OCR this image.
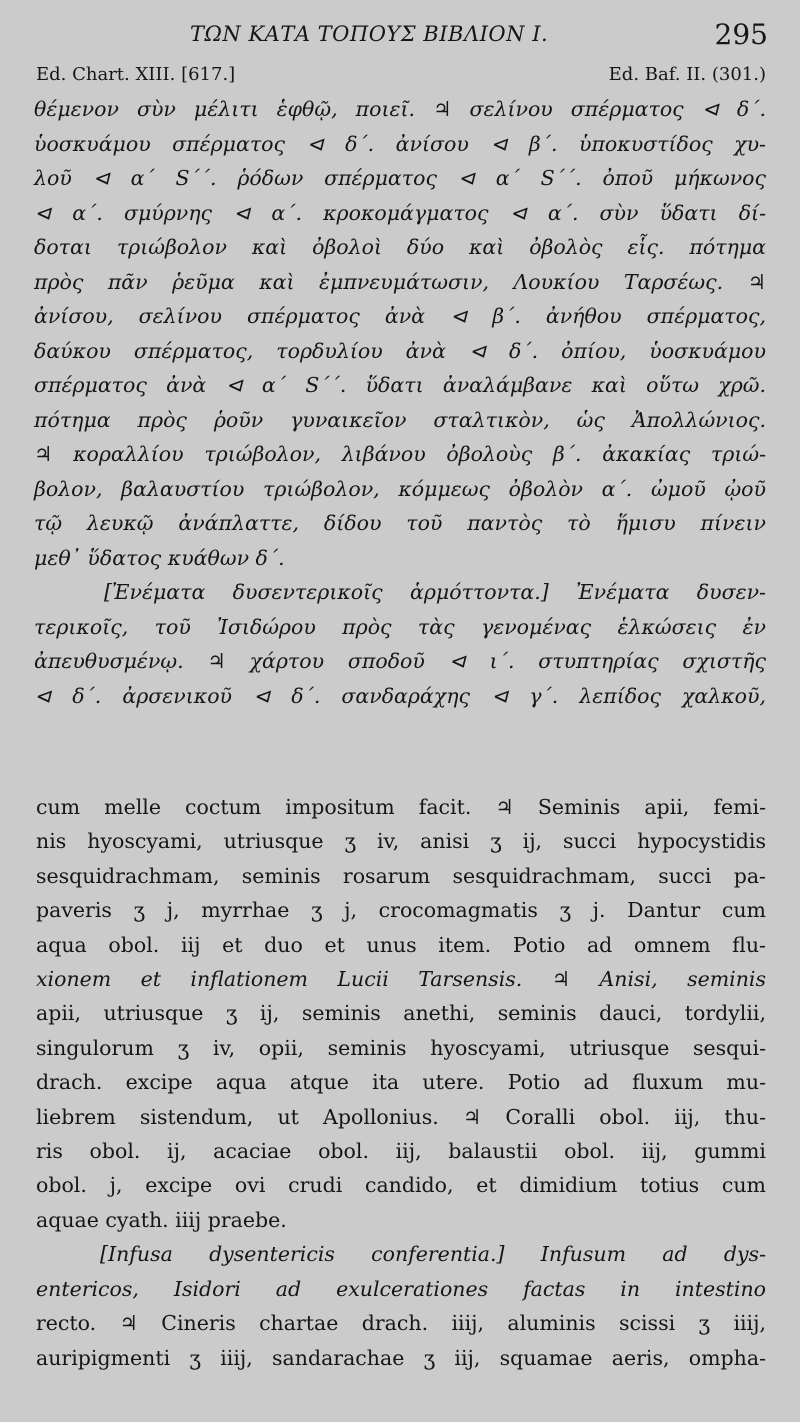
ΤΩΝ ΚΑΤΑ ΤΟΠΟΥΣ ΒΙΒΛΙΟΝ Ι.	295
Ed. Chart. XIII. [617.]	Ed. Baf. II. (301.)
θέμενον σὺν μέλιτι ἑφθῷ, ποιεῖ. ♃ σελίνου σπέρματος ⊲ δ΄.
ὑοσκυάμου σπέρματος ⊲ δ΄. ἀνίσου ⊲ β΄. ὑποκυστίδος χυ-
λοῦ ⊲ α΄ S΄΄. ῥόδων σπέρματος ⊲ α΄ S΄΄. ὀποῦ μήκωνος
⊲ α΄. σμύρνης ⊲ α΄. κροκομάγματος ⊲ α΄. σὺν ὕδατι δί-
δοται τριώβολον καὶ ὀβολοὶ δύο καὶ ὀβολὸς εἷς. πότημα
πρὸς πᾶν ῥεῦμα καὶ ἐμπνευμάτωσιν, Λουκίου Ταρσέως. ♃
ἀνίσου, σελίνου σπέρματος ἀνὰ ⊲ β΄. ἀνήθου σπέρματος,
δαύκου σπέρματος, τορδυλίου ἀνὰ ⊲ δ΄. ὀπίου, ὑοσκυάμου
σπέρματος ἀνὰ ⊲ α΄ S΄΄. ὕδατι ἀναλάμβανε καὶ οὕτω χρῶ.
πότημα πρὸς ῥοῦν γυναικεῖον σταλτικὸν, ὡς Ἀπολλώνιος.
♃ κοραλλίου τριώβολον, λιβάνου ὀβολοὺς β΄. ἀκακίας τριώ-
βολον, βαλαυστίου τριώβολον, κόμμεως ὀβολὸν α΄. ὠμοῦ ᾠοῦ
τῷ λευκῷ ἀνάπλαττε, δίδου τοῦ παντὸς τὸ ἥμισυ πίνειν
μεθ᾽ ὕδατος κυάθων δ΄.
[Ἐνέματα δυσεντερικοῖς ἁρμόττοντα.] Ἐνέματα δυσεν-
τερικοῖς, τοῦ Ἰσιδώρου πρὸς τὰς γενομένας ἑλκώσεις ἐν
ἀπευθυσμένῳ. ♃ χάρτου σποδοῦ ⊲ ι΄. στυπτηρίας σχιστῆς
⊲ δ΄. ἀρσενικοῦ ⊲ δ΄. σανδαράχης ⊲ γ΄. λεπίδος χαλκοῦ,
cum melle coctum impositum facit. ♃ Seminis apii, femi-
nis hyoscyami, utriusque ʒ iv, anisi ʒ ij, succi hypocystidis
sesquidrachmam, seminis rosarum sesquidrachmam, succi pa-
paveris ʒ j, myrrhae ʒ j, crocomagmatis ʒ j. Dantur cum
aqua obol. iij et duo et unus item. Potio ad omnem flu-
xionem et inflationem Lucii Tarsensis. ♃ Anisi, seminis
apii, utriusque ʒ ij, seminis anethi, seminis dauci, tordylii,
singulorum ʒ iv, opii, seminis hyoscyami, utriusque sesqui-
drach. excipe aqua atque ita utere. Potio ad fluxum mu-
liebrem sistendum, ut Apollonius. ♃ Coralli obol. iij, thu-
ris obol. ij, acaciae obol. iij, balaustii obol. iij, gummi
obol. j, excipe ovi crudi candido, et dimidium totius cum
aquae cyath. iiij praebe.
[Infusa dysentericis conferentia.] Infusum ad dys-
entericos, Isidori ad exulcerationes factas in intestino
recto. ♃ Cineris chartae drach. iiij, aluminis scissi ʒ iiij,
auripigmenti ʒ iiij, sandarachae ʒ iij, squamae aeris, ompha-
